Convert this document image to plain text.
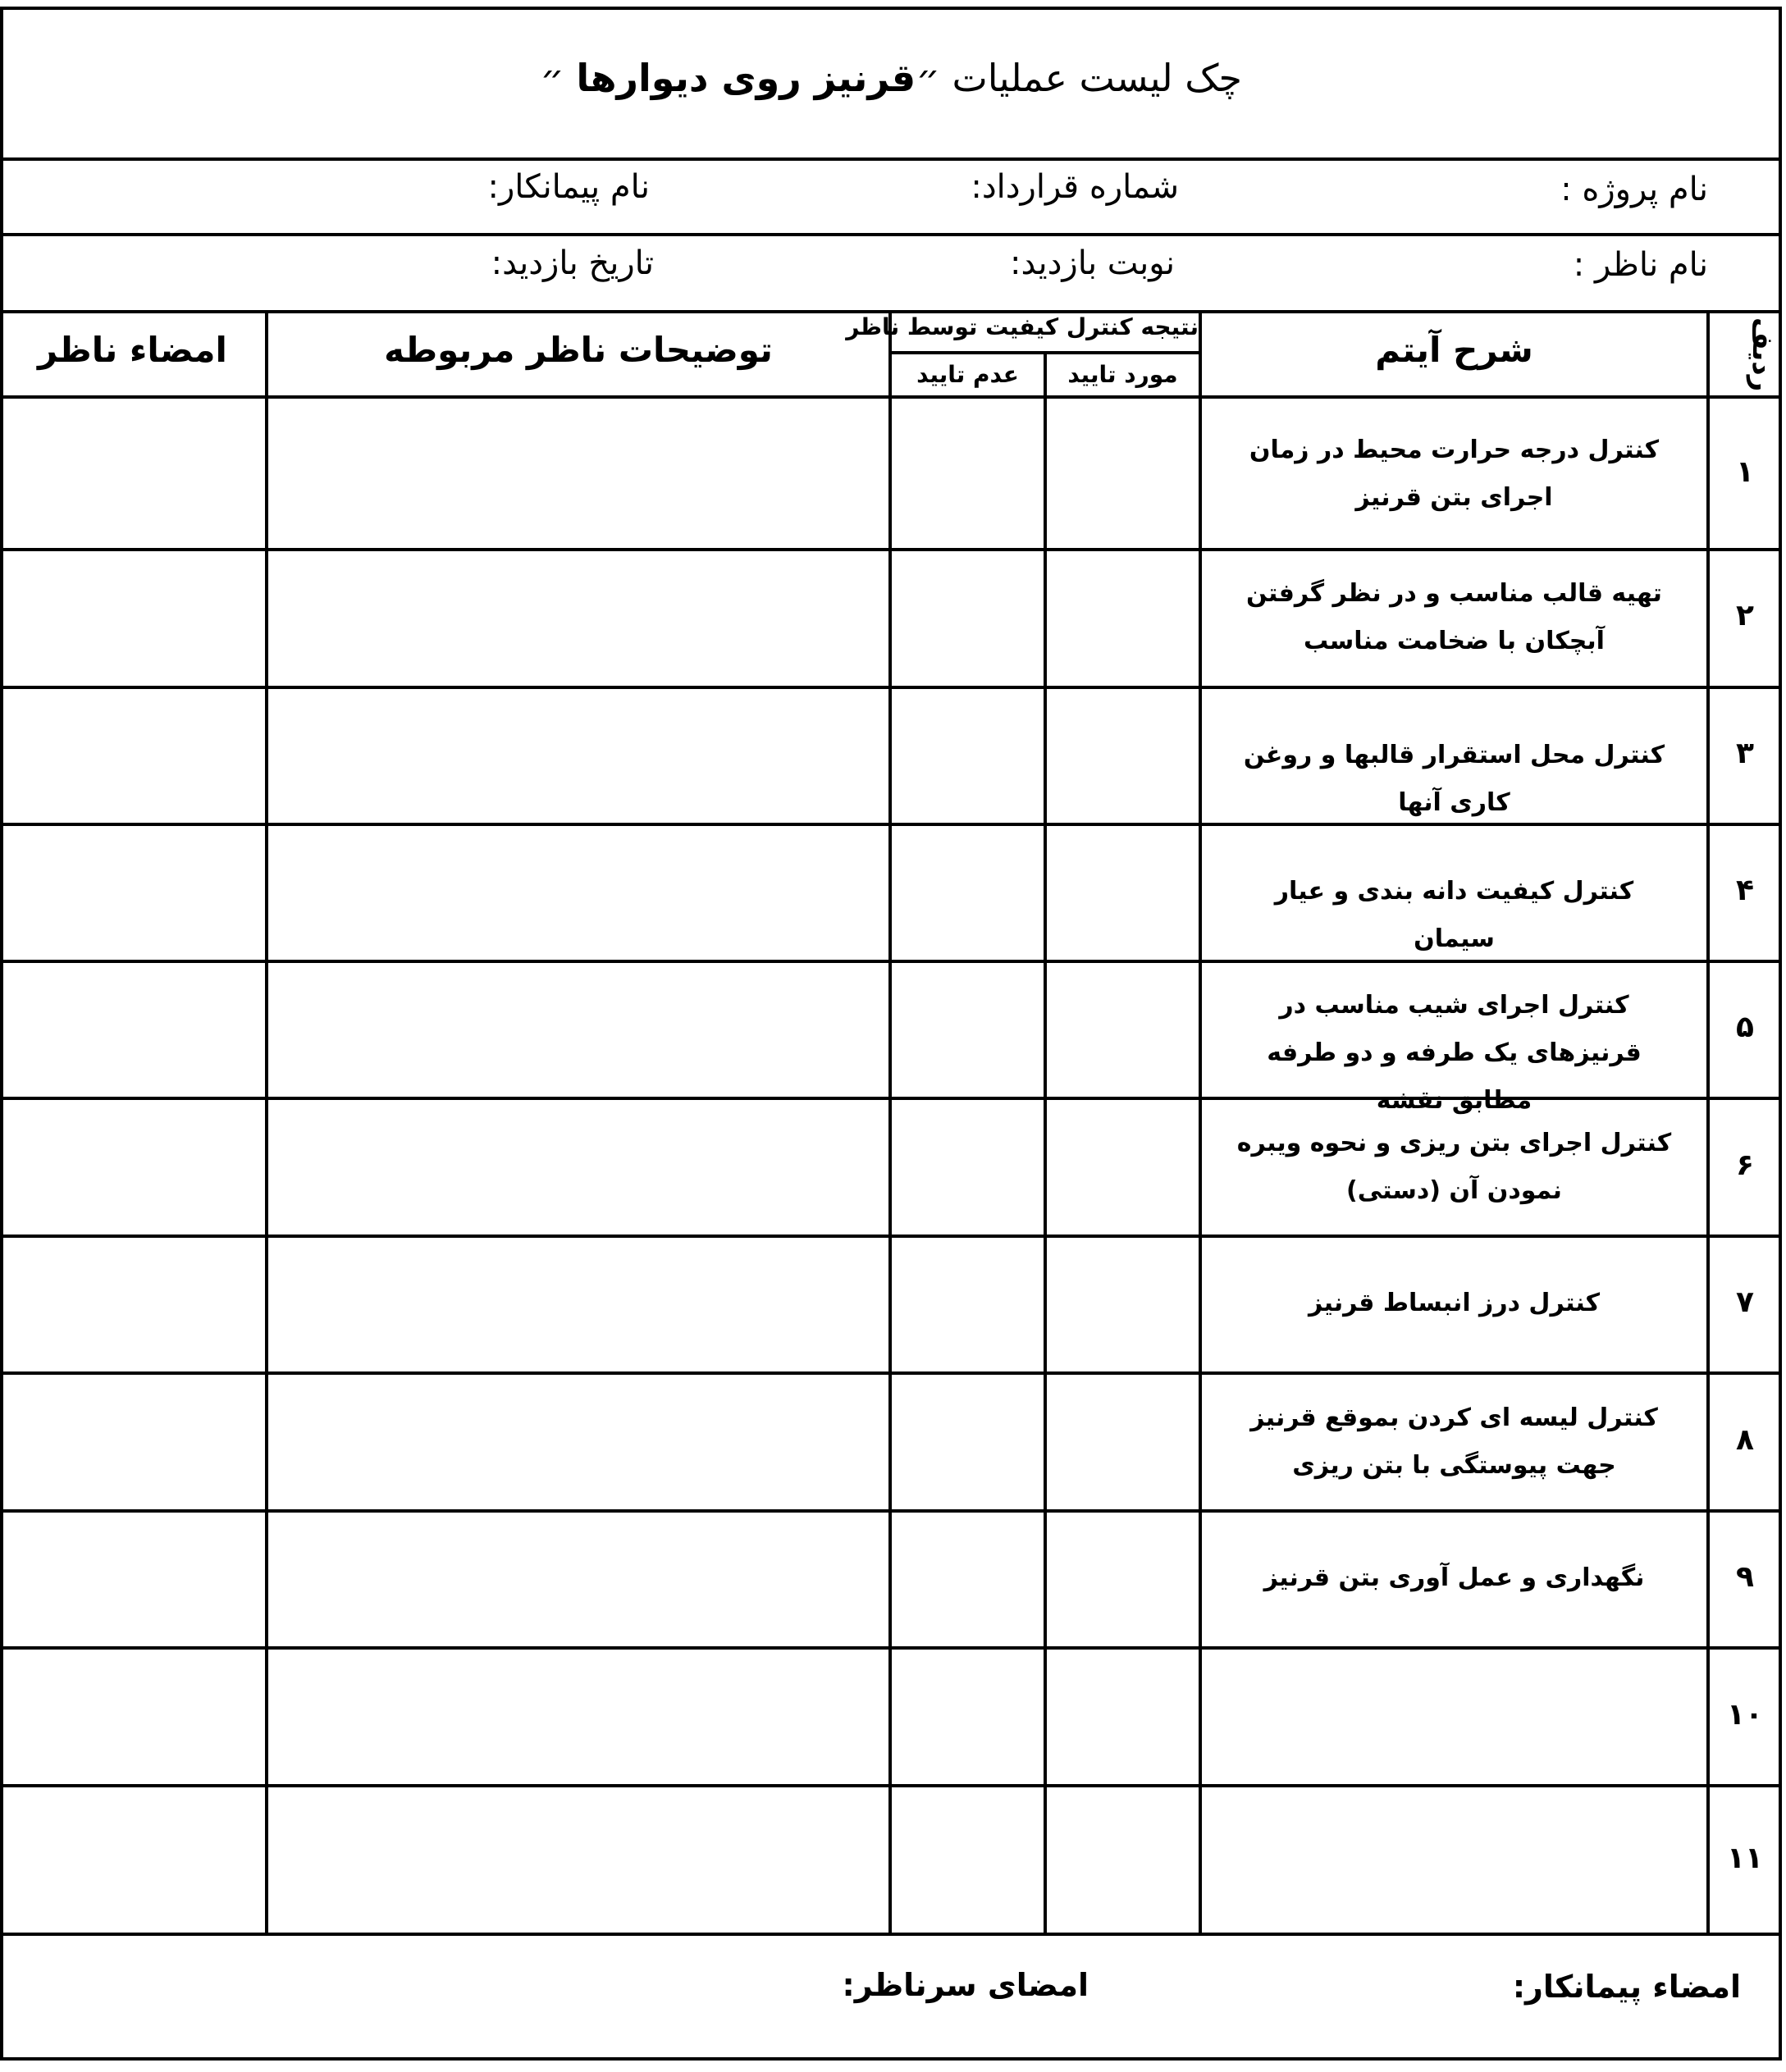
چک لیست عملیات ״قرنیز روی دیوارها ״
نام پروژه :
شماره قرارداد:
نام پیمانکار:
نام ناظر :
نوبت بازدید:
تاریخ بازدید:
ردیف
شرح آیتم
نتیجه کنترل کیفیت توسط ناظر
مورد تایید
عدم تایید
توضیحات ناظر مربوطه
امضاء ناظر
۱
۲
۳
۴
۵
۶
۷
۸
۹
۱۰
۱۱
کنترل درجه حرارت محیط در زمان اجرای بتن قرنیز
تهیه قالب مناسب و در نظر گرفتن آبچکان با ضخامت مناسب
کنترل محل استقرار قالبها و روغن کاری آنها
کنترل کیفیت دانه بندی و عیار سیمان
کنترل اجرای شیب مناسب در قرنیزهای یک طرفه و دو طرفه مطابق نقشه
کنترل اجرای بتن ریزی و نحوه ویبره نمودن آن (دستی)
کنترل درز انبساط قرنیز
کنترل لیسه ای کردن بموقع قرنیز جهت پیوستگی با بتن ریزی
نگهداری و عمل آوری بتن قرنیز
امضاء پیمانکار:
امضای سرناظر:
